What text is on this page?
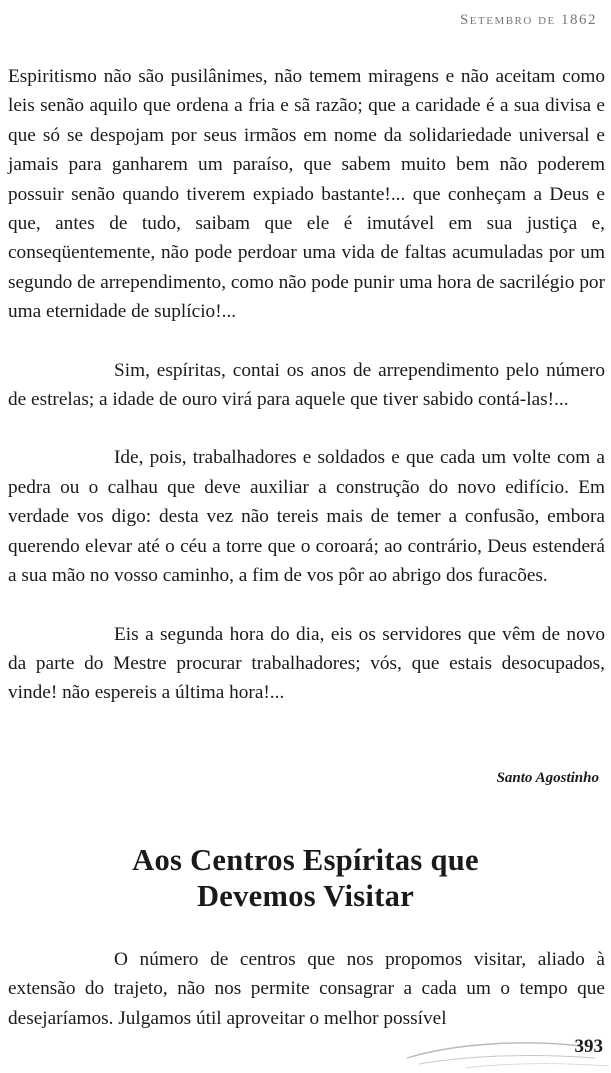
Setembro de 1862

Espiritismo não são pusilânimes, não temem miragens e não aceitam como leis senão aquilo que ordena a fria e sã razão; que a caridade é a sua divisa e que só se despojam por seus irmãos em nome da solidariedade universal e jamais para ganharem um paraíso, que sabem muito bem não poderem possuir senão quando tiverem expiado bastante!... que conheçam a Deus e que, antes de tudo, saibam que ele é imutável em sua justiça e, conseqüentemente, não pode perdoar uma vida de faltas acumuladas por um segundo de arrependimento, como não pode punir uma hora de sacrilégio por uma eternidade de suplício!...

Sim, espíritas, contai os anos de arrependimento pelo número de estrelas; a idade de ouro virá para aquele que tiver sabido contá-las!...

Ide, pois, trabalhadores e soldados e que cada um volte com a pedra ou o calhau que deve auxiliar a construção do novo edifício. Em verdade vos digo: desta vez não tereis mais de temer a confusão, embora querendo elevar até o céu a torre que o coroará; ao contrário, Deus estenderá a sua mão no vosso caminho, a fim de vos pôr ao abrigo dos furacões.

Eis a segunda hora do dia, eis os servidores que vêm de novo da parte do Mestre procurar trabalhadores; vós, que estais desocupados, vinde! não espereis a última hora!...

Santo Agostinho
Aos Centros Espíritas que
Devemos Visitar

O número de centros que nos propomos visitar, aliado à extensão do trajeto, não nos permite consagrar a cada um o tempo que desejaríamos. Julgamos útil aproveitar o melhor possível

393
